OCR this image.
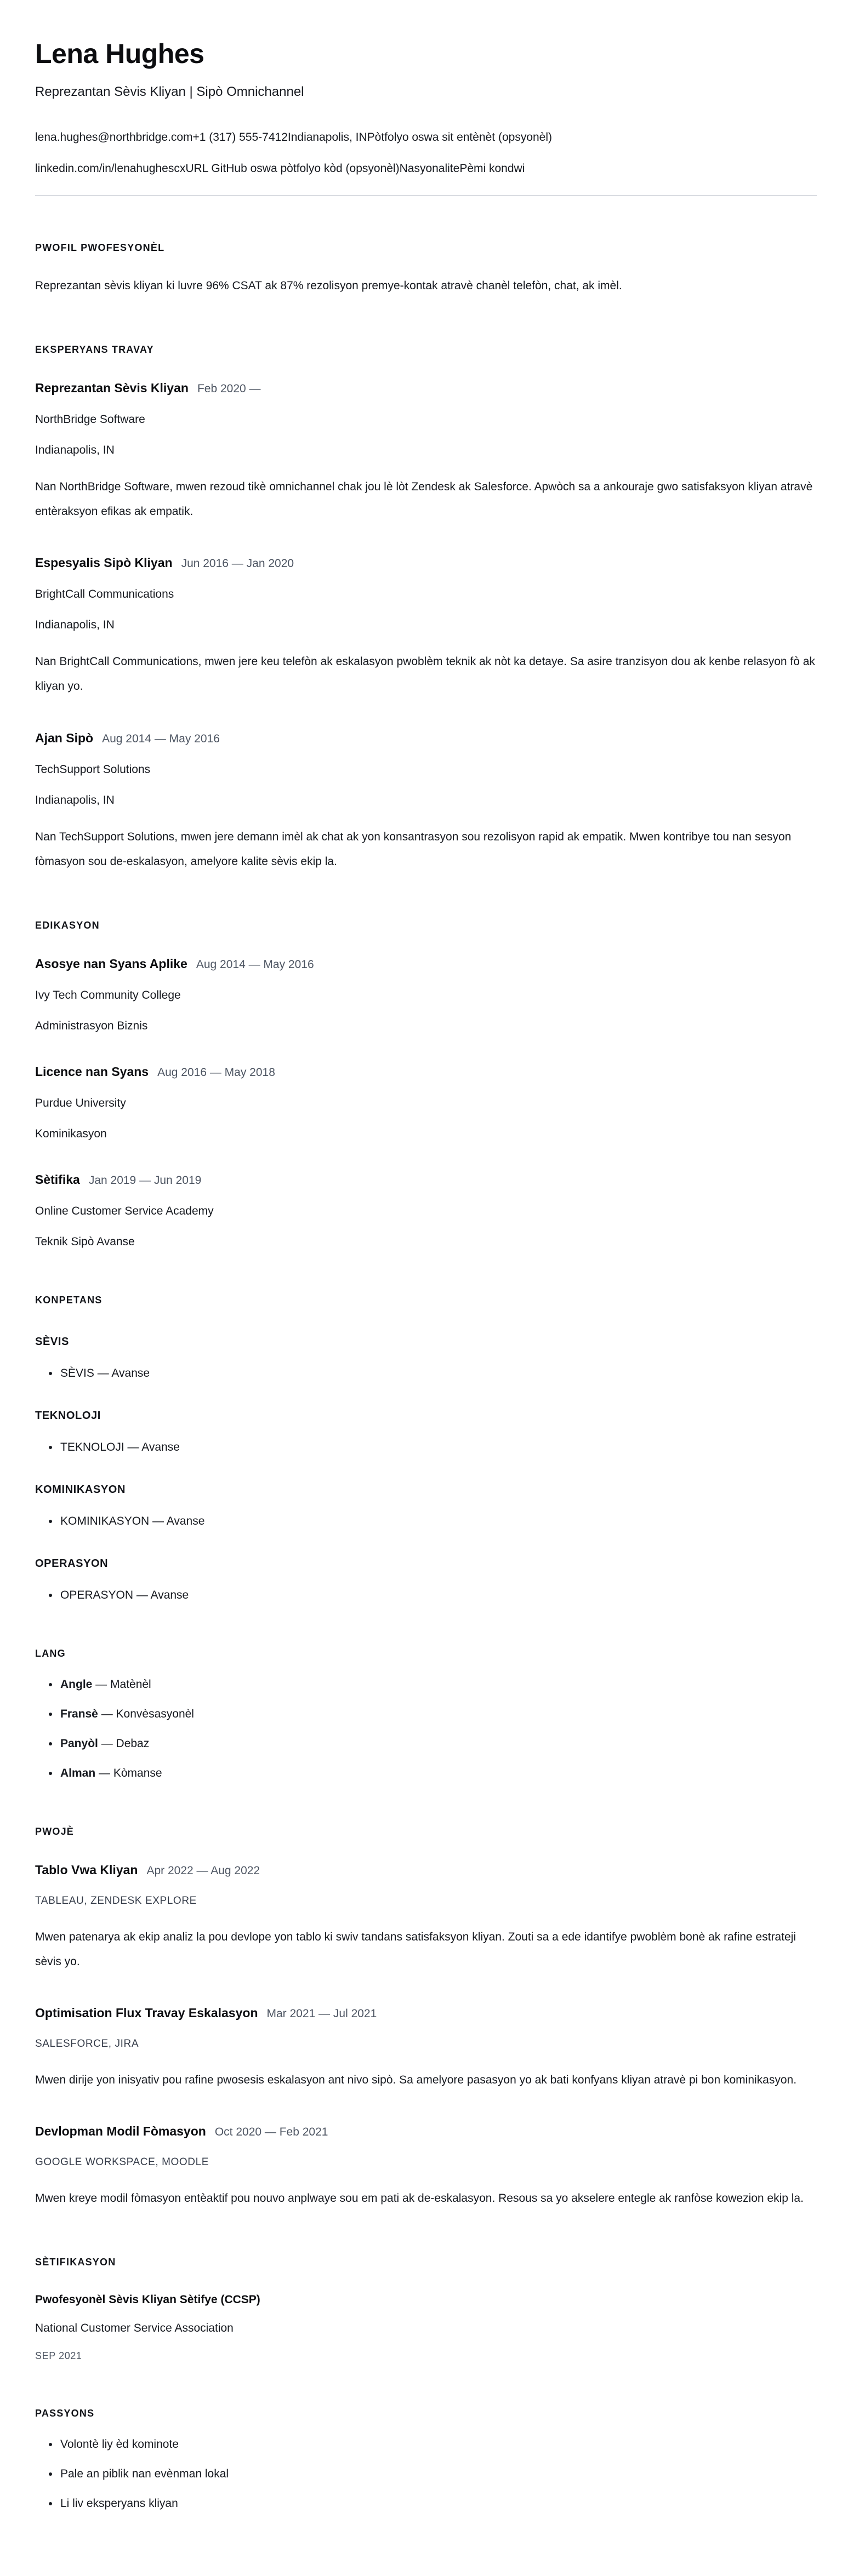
Lena Hughes
Reprezantan Sèvis Kliyan | Sipò Omnichannel
lena.hughes@northbridge.com+1 (317) 555-7412Indianapolis, INPòtfolyo oswa sit entènèt (opsyonèl)
linkedin.com/in/lenahughescxURL GitHub oswa pòtfolyo kòd (opsyonèl)NasyonalitePèmi kondwi
PWOFIL PWOFESYONÈL

Reprezantan sèvis kliyan ki luvre 96% CSAT ak 87% rezolisyon premye-kontak atravè chanèl telefòn, chat, ak imèl.

EKSPERYANS TRAVAY
Reprezantan Sèvis Kliyan Feb 2020 —
NorthBridge Software
Indianapolis, IN

Nan NorthBridge Software, mwen rezoud tikè omnichannel chak jou lè lòt Zendesk ak Salesforce. Apwòch sa a ankouraje gwo satisfaksyon kliyan atravè entèraksyon efikas ak empatik.

Espesyalis Sipò Kliyan Jun 2016 — Jan 2020
BrightCall Communications
Indianapolis, IN

Nan BrightCall Communications, mwen jere keu telefòn ak eskalasyon pwoblèm teknik ak nòt ka detaye. Sa asire tranzisyon dou ak kenbe relasyon fò ak kliyan yo.

Ajan Sipò Aug 2014 — May 2016
TechSupport Solutions
Indianapolis, IN

Nan TechSupport Solutions, mwen jere demann imèl ak chat ak yon konsantrasyon sou rezolisyon rapid ak empatik. Mwen kontribye tou nan sesyon fòmasyon sou de-eskalasyon, amelyore kalite sèvis ekip la.

EDIKASYON
Asosye nan Syans Aplike Aug 2014 — May 2016
Ivy Tech Community College
Administrasyon Biznis
Licence nan Syans Aug 2016 — May 2018
Purdue University
Kominikasyon
Sètifika Jan 2019 — Jun 2019
Online Customer Service Academy
Teknik Sipò Avanse
KONPETANS
SÈVIS
• SÈVIS — Avanse
TEKNOLOJI
• TEKNOLOJI — Avanse
KOMINIKASYON
• KOMINIKASYON — Avanse
OPERASYON
• OPERASYON — Avanse
LANG
• Angle — Matènèl
• Fransè — Konvèsasyonèl
• Panyòl — Debaz
• Alman — Kòmanse
PWOJÈ
Tablo Vwa Kliyan Apr 2022 — Aug 2022
TABLEAU, ZENDESK EXPLORE

Mwen patenarya ak ekip analiz la pou devlope yon tablo ki swiv tandans satisfaksyon kliyan. Zouti sa a ede idantifye pwoblèm bonè ak rafine estrateji sèvis yo.

Optimisation Flux Travay Eskalasyon Mar 2021 — Jul 2021
SALESFORCE, JIRA

Mwen dirije yon inisyativ pou rafine pwosesis eskalasyon ant nivo sipò. Sa amelyore pasasyon yo ak bati konfyans kliyan atravè pi bon kominikasyon.

Devlopman Modil Fòmasyon Oct 2020 — Feb 2021
GOOGLE WORKSPACE, MOODLE

Mwen kreye modil fòmasyon entèaktif pou nouvo anplwaye sou em pati ak de-eskalasyon. Resous sa yo akselere entegle ak ranfòse kowezion ekip la.

SÈTIFIKASYON
Pwofesyonèl Sèvis Kliyan Sètifye (CCSP)
National Customer Service Association
SEP 2021
PASSYONS
• Volontè liy èd kominote
• Pale an piblik nan evènman lokal
• Li liv eksperyans kliyan
